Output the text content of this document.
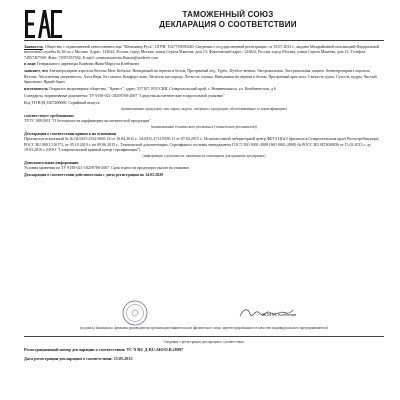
ТАМОЖЕННЫЙ СОЮЗ
ДЕКЛАРАЦИЯ О СООТВЕТСТВИИ

Заявитель, Общество с ограниченной ответственностью "Юниливер Русь", ОГРН: 1027739039240. Сведения о государственной регистрации: от 19.07.2013 г., выдано Межрайонной инспекцией Федеральной налоговой службы № 46 по г. Москва. Адрес: 123022, Россия, город Москва, улица Сергея Макеева, дом 13, Фактический адрес: 123022, Россия, город Москва, улица Сергея Макеева, дом 13, Телефон: 74957457500, Факс: 74957457582, E-mail: communications.Russia@unilever.com

в лице Генерального директора Корвина Жана-Марселя Клейтиана

заявляет, что Антиперспирант аэрозоль Rexona Men: Кобальт, Невидимый на черном и белом, Прозрачный лёд, Турбо, Футбол-вечная, Экстремальная, Экстремальная защита. Антиперспирант аэрозоль Rexona: Абсолютная уверенность, Алоэ Вера, Без запаха, Комфорт льна, Лёгкость кислорода, Легкость хлопка, Невидимая на чёрном и белом, Прозрачный кристалл, Свежесть душа, Сухость пудры, Чистый бриллиант, Яркий букет.

изготовитель Открытое акционерное общество, "Арнест", адрес: 357107, РОССИЯ, Ставропольский край, г. Невинномысск, ул. Комбинатская, д.6

Стандарты, нормативные документы: ТУ 9158-021-18259700-2007 "Средства косметические в аэрозольной упаковке"

Код ТН ВЭД 3307200000, Серийный выпуск

(наименование продукции, тип, марка, модель, сведения о продукции, обеспечивающие ее идентификацию)

соответствует требованиям
ТР ТС 009/2011 "О безопасности парфюмерно-косметической продукции"

(наименование технического регламента (технических регламентов))

Декларация о соответствии принята на основании
Протоколов испытаний № № 04.0415.2332.9665.14 от 16.04.2015 г., 04.0415.2712.9550.11 от 07.04.2015 г., Испытательной лабораторией центр ФБУЗ ЦГиЭ (филиала в Ставропольском крае) Роспотребнадзора, РОСС RU.0001.510172, от 05.10.2010 г. по 09.06.2015 г., Технической документации, Сертификата системы менеджмента ГОСТ ISO 9001-2008 (ISO 9001:2008) № РОСС RU.ИТ.К00036 от 15.03.2013 г. до 19.03.2016 г. (ООО "Ставропольский краевой центр сертификации")

(информация о документах, являющихся основанием для принятия декларации)

Дополнительная информация
Условия хранения по ТУ 9158-021-18259700-2007. Срок годности продукции указан на упаковке.

Декларация о соответствии действительна с даты регистрации по 14.05.2020

Ж.М.М. Клейтиан
(подпись) (инициалы, фамилия руководителя организации-заявителя или физического лица, зарегистрированного в качестве индивидуального предпринимателя)
Сведения о регистрации декларации о соответствии:
Регистрационный номер декларации о соответствии: ТС N RU Д-RU.АЮ35.В.28097
Дата регистрации декларации о соответствии: 15.05.2015
